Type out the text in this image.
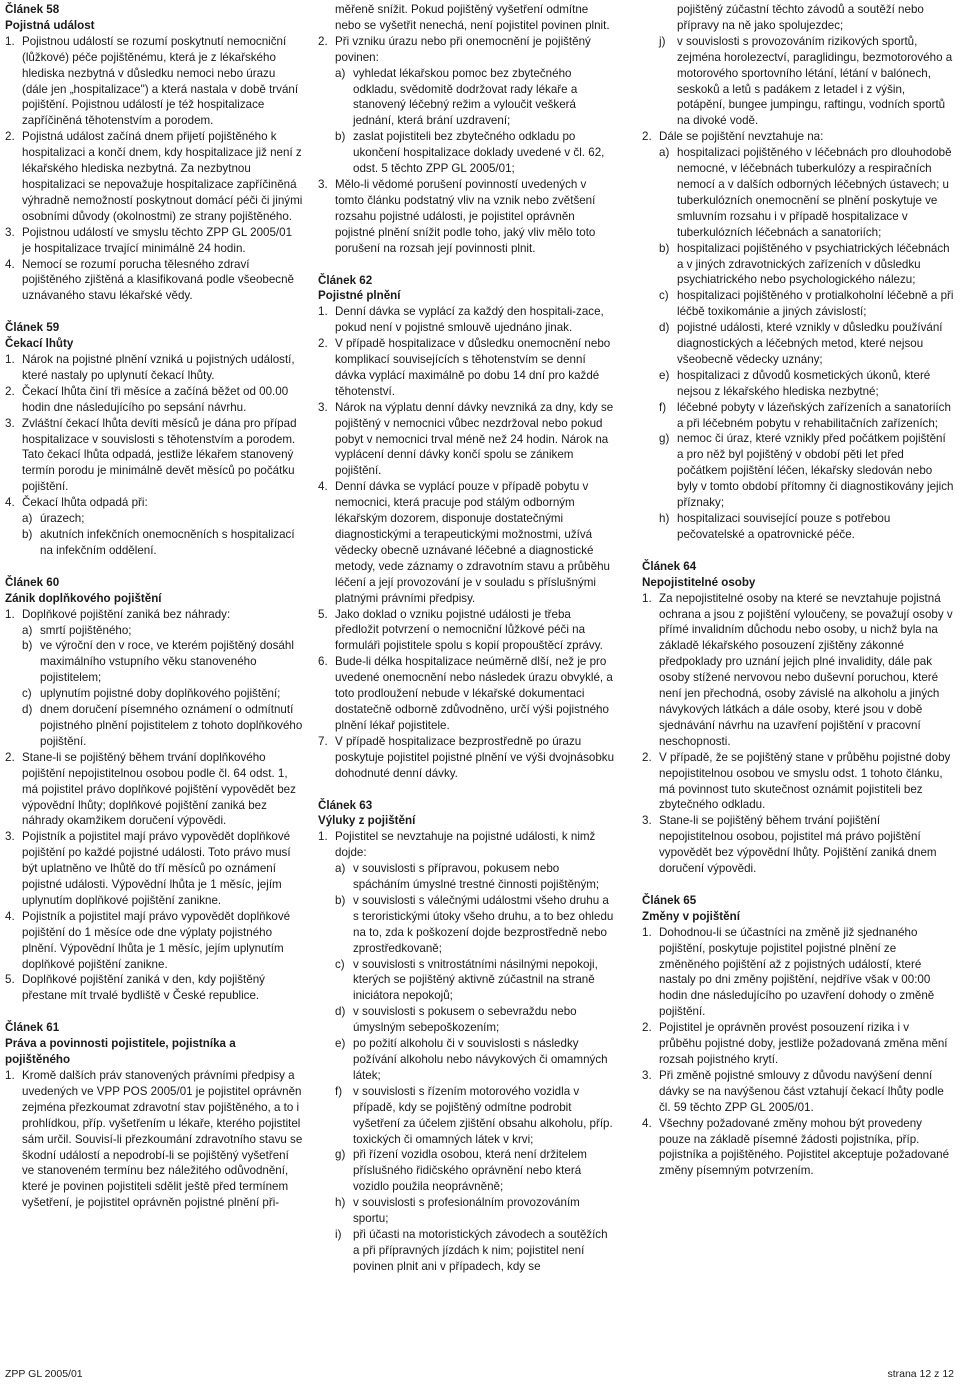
Článek 58
Pojistná událost
1. Pojistnou událostí se rozumí poskytnutí nemocniční (lůžkové) péče pojištěnému, která je z lékařského hlediska nezbytná v důsledku nemoci nebo úrazu (dále jen „hospitalizace") a která nastala v době trvání pojištění. Pojistnou událostí je též hospitalizace zapříčiněná těhotenstvím a porodem.
2. Pojistná událost začíná dnem přijetí pojištěného k hospitalizaci a končí dnem, kdy hospitalizace již není z lékařského hlediska nezbytná. Za nezbytnou hospitalizaci se nepovažuje hospitalizace zapříčiněná výhradně nemožností poskytnout domácí péči či jinými osobními důvody (okolnostmi) ze strany pojištěného.
3. Pojistnou událostí ve smyslu těchto ZPP GL 2005/01 je hospitalizace trvající minimálně 24 hodin.
4. Nemocí se rozumí porucha tělesného zdraví pojištěného zjištěná a klasifikovaná podle všeobecně uznávaného stavu lékařské vědy.
Článek 59
Čekací lhůty
1. Nárok na pojistné plnění vzniká u pojistných událostí, které nastaly po uplynutí čekací lhůty.
2. Čekací lhůta činí tři měsíce a začíná běžet od 00.00 hodin dne následujícího po sepsání návrhu.
3. Zvláštní čekací lhůta devíti měsíců je dána pro případ hospitalizace v souvislosti s těhotenstvím a porodem. Tato čekací lhůta odpadá, jestliže lékařem stanovený termín porodu je minimálně devět měsíců po počátku pojištění.
4. Čekací lhůta odpadá při:
a) úrazech;
b) akutních infekčních onemocněních s hospitalizací na infekčním oddělení.
Článek 60
Zánik doplňkového pojištění
1. Doplňkové pojištění zaniká bez náhrady:
a) smrtí pojištěného;
b) ve výroční den v roce, ve kterém pojištěný dosáhl maximálního vstupního věku stanoveného pojistitelem;
c) uplynutím pojistné doby doplňkového pojištění;
d) dnem doručení písemného oznámení o odmítnutí pojistného plnění pojistitelem z tohoto doplňkového pojištění.
2. Stane-li se pojištěný během trvání doplňkového pojištění nepojistitelnou osobou podle čl. 64 odst. 1, má pojistitel právo doplňkové pojištění vypovědět bez výpovědní lhůty; doplňkové pojištění zaniká bez náhrady okamžikem doručení výpovědi.
3. Pojistník a pojistitel mají právo vypovědět doplňkové pojištění po každé pojistné události. Toto právo musí být uplatněno ve lhůtě do tří měsíců po oznámení pojistné události. Výpovědní lhůta je 1 měsíc, jejím uplynutím doplňkové pojištění zanikne.
4. Pojistník a pojistitel mají právo vypovědět doplňkové pojištění do 1 měsíce ode dne výplaty pojistného plnění. Výpovědní lhůta je 1 měsíc, jejím uplynutím doplňkové pojištění zanikne.
5. Doplňkové pojištění zaniká v den, kdy pojištěný přestane mít trvalé bydliště v České republice.
Článek 61
Práva a povinnosti pojistitele, pojistníka a pojištěného
1. Kromě dalších práv stanovených právními předpisy a uvedených ve VPP POS 2005/01 je pojistitel oprávněn zejména přezkoumat zdravotní stav pojištěného, a to i prohlídkou, příp. vyšetřením u lékaře, kterého pojistitel sám určil. Souvisí-li přezkoumání zdravotního stavu se škodní událostí a nepodrobí-li se pojištěný vyšetření ve stanoveném termínu bez náležitého odůvodnění, které je povinen pojistiteli sdělit ještě před termínem vyšetření, je pojistitel oprávněn pojistné plnění při-
měřeně snížit. Pokud pojištěný vyšetření odmítne nebo se vyšetřit nenechá, není pojistitel povinen plnit.
2. Při vzniku úrazu nebo při onemocnění je pojištěný povinen:
a) vyhledat lékařskou pomoc bez zbytečného odkladu, svědomitě dodržovat rady lékaře a stanovený léčebný režim a vyloučit veškerá jednání, která brání uzdravení;
b) zaslat pojistiteli bez zbytečného odkladu po ukončení hospitalizace doklady uvedené v čl. 62, odst. 5 těchto ZPP GL 2005/01;
3. Mělo-li vědomé porušení povinností uvedených v tomto článku podstatný vliv na vznik nebo zvětšení rozsahu pojistné události, je pojistitel oprávněn pojistné plnění snížit podle toho, jaký vliv mělo toto porušení na rozsah její povinnosti plnit.
Článek 62
Pojistné plnění
1. Denní dávka se vyplácí za každý den hospitali-zace, pokud není v pojistné smlouvě ujednáno jinak.
2. V případě hospitalizace v důsledku onemocnění nebo komplikací souvisejících s těhotenstvím se denní dávka vyplácí maximálně po dobu 14 dní pro každé těhotenství.
3. Nárok na výplatu denní dávky nevzniká za dny, kdy se pojištěný v nemocnici vůbec nezdržoval nebo pokud pobyt v nemocnici trval méně než 24 hodin. Nárok na vyplácení denní dávky končí spolu se zánikem pojištění.
4. Denní dávka se vyplácí pouze v případě pobytu v nemocnici, která pracuje pod stálým odborným lékařským dozorem, disponuje dostatečnými diagnostickými a terapeutickými možnostmi, užívá vědecky obecně uznávané léčebné a diagnostické metody, vede záznamy o zdravotním stavu a průběhu léčení a její provozování je v souladu s příslušnými platnými právními předpisy.
5. Jako doklad o vzniku pojistné události je třeba předložit potvrzení o nemocniční lůžkové péči na formuláři pojistitele spolu s kopií propouštěcí zprávy.
6. Bude-li délka hospitalizace neúměrně dlší, než je pro uvedené onemocnění nebo následek úrazu obvyklé, a toto prodloužení nebude v lékařské dokumentaci dostatečně odborně zdůvodněno, určí výši pojistného plnění lékař pojistitele.
7. V případě hospitalizace bezprostředně po úrazu poskytuje pojistitel pojistné plnění ve výši dvojnásobku dohodnuté denní dávky.
Článek 63
Výluky z pojištění
1. Pojistitel se nevztahuje na pojistné události, k nimž dojde:
a) v souvislosti s přípravou, pokusem nebo spácháním úmyslné trestné činnosti pojištěným;
b) v souvislosti s válečnými událostmi všeho druhu a s teroristickými útoky všeho druhu, a to bez ohledu na to, zda k poškození dojde bezprostředně nebo zprostředkovaně;
c) v souvislosti s vnitrostátními násilnými nepokoji, kterých se pojištěný aktivně zúčastnil na straně iniciátora nepokojů;
d) v souvislosti s pokusem o sebevraždu nebo úmyslným sebepoškozením;
e) po požití alkoholu či v souvislosti s následky požívání alkoholu nebo návykových či omamných látek;
f) v souvislosti s řízením motorového vozidla v případě, kdy se pojištěný odmítne podrobit vyšetření za účelem zjištění obsahu alkoholu, příp. toxických či omamných látek v krvi;
g) při řízení vozidla osobou, která není držitelem příslušného řidičského oprávnění nebo která vozidlo použila neoprávněně;
h) v souvislosti s profesionálním provozováním sportu;
i) při účasti na motoristických závodech a soutěžích a při přípravných jízdách k nim; pojistitel není povinen plnit ani v případech, kdy se
pojištěný zúčastní těchto závodů a soutěží nebo přípravy na ně jako spolujezdec;
j) v souvislosti s provozováním rizikových sportů, zejména horolezectví, paraglidingu, bezmotorového a motorového sportovního létání, létání v balónech, seskoků a letů s padákem z letadel i z výšin, potápění, bungee jumpingu, raftingu, vodních sportů na divoké vodě.
2. Dále se pojištění nevztahuje na:
a) hospitalizaci pojištěného v léčebnách pro dlouhodobě nemocné, v léčebnách tuberkulózy a respiračních nemocí a v dalších odborných léčebných ústavech; u tuberkulózních onemocnění se plnění poskytuje ve smluvním rozsahu i v případě hospitalizace v tuberkulózních léčebnách a sanatoriích;
b) hospitalizaci pojištěného v psychiatrických léčebnách a v jiných zdravotnických zařízeních v důsledku psychiatrického nebo psychologického nálezu;
c) hospitalizaci pojištěného v protialkoholní léčebně a při léčbě toxikománie a jiných závislostí;
d) pojistné události, které vznikly v důsledku používání diagnostických a léčebných metod, které nejsou všeobecně vědecky uznány;
e) hospitalizaci z důvodů kosmetických úkonů, které nejsou z lékařského hlediska nezbytné;
f) léčebné pobyty v lázeňských zařízeních a sanatoriích a při léčebném pobytu v rehabilitačních zařízeních;
g) nemoc či úraz, které vznikly před počátkem pojištění a pro něž byl pojištěný v období pěti let před počátkem pojištění léčen, lékařsky sledován nebo byly v tomto období přítomny či diagnostikovány jejich příznaky;
h) hospitalizaci související pouze s potřebou pečovatelské a opatrovnické péče.
Článek 64
Nepojistitelné osoby
1. Za nepojistitelné osoby na které se nevztahuje pojistná ochrana a jsou z pojištění vyloučeny, se považují osoby v přímé invalidním důchodu nebo osoby, u nichž byla na základě lékařského posouzení zjištěny zákonné předpoklady pro uznání jejich plné invalidity, dále pak osoby stížené nervovou nebo duševní poruchou, které není jen přechodná, osoby závislé na alkoholu a jiných návykových látkách a dále osoby, které jsou v době sjednávání návrhu na uzavření pojištění v pracovní neschopnosti.
2. V případě, že se pojištěný stane v průběhu pojistné doby nepojistitelnou osobou ve smyslu odst. 1 tohoto článku, má povinnost tuto skutečnost oznámit pojistiteli bez zbytečného odkladu.
3. Stane-li se pojištěný během trvání pojištění nepojistitelnou osobou, pojistitel má právo pojištění vypovědět bez výpovědní lhůty. Pojištění zaniká dnem doručení výpovědi.
Článek 65
Změny v pojištění
1. Dohodnou-li se účastníci na změně již sjednaného pojištění, poskytuje pojistitel pojistné plnění ze změněného pojištění až z pojistných událostí, které nastaly po dni změny pojištění, nejdříve však v 00:00 hodin dne následujícího po uzavření dohody o změně pojištění.
2. Pojistitel je oprávněn provést posouzení rizika i v průběhu pojistné doby, jestliže požadovaná změna mění rozsah pojistného krytí.
3. Při změně pojistné smlouvy z důvodu navýšení denní dávky se na navýšenou část vztahují čekací lhůty podle čl. 59 těchto ZPP GL 2005/01.
4. Všechny požadované změny mohou být provedeny pouze na základě písemné žádosti pojistníka, příp. pojistníka a pojištěného. Pojistitel akceptuje požadované změny písemným potvrzením.
ZPP GL 2005/01	strana 12 z 12
